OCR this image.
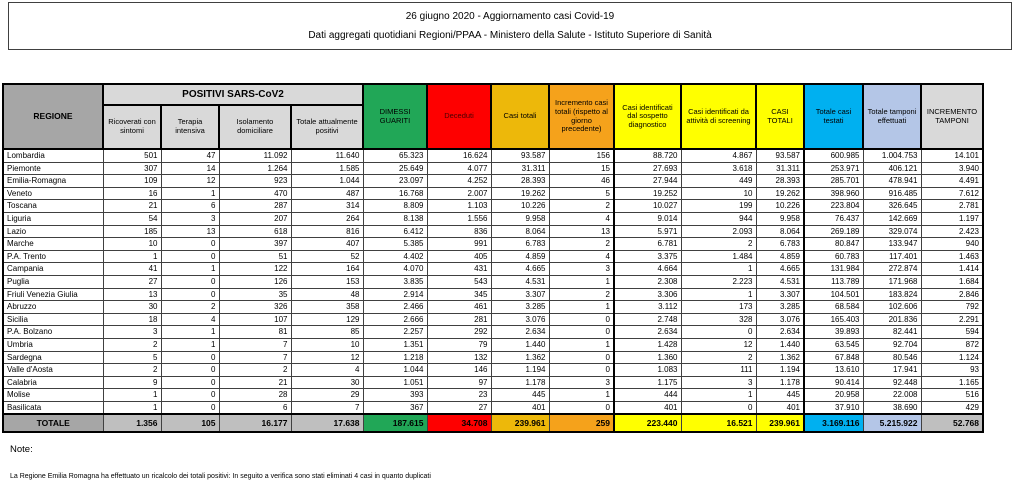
26 giugno 2020 - Aggiornamento casi Covid-19
Dati aggregati quotidiani Regioni/PPAA - Ministero della Salute - Istituto Superiore di Sanità
REGIONE	POSITIVI SARS-CoV2				DIMESSI GUARITI	Deceduti	Casi totali	Incremento casi totali (rispetto al giorno precedente)	Casi identificati dal sospetto diagnostico	Casi identificati da attività di screening	CASI TOTALI	Totale casi testati	Totale tamponi effettuati	INCREMENTO TAMPONI
	Ricoverati con sintomi	Terapia intensiva	Isolamento domiciliare	Totale attualmente positivi										
Lombardia	501	47	11.092	11.640	65.323	16.624	93.587	156	88.720	4.867	93.587	600.985	1.004.753	14.101
Piemonte	307	14	1.264	1.585	25.649	4.077	31.311	15	27.693	3.618	31.311	253.971	406.121	3.940
Emilia-Romagna	109	12	923	1.044	23.097	4.252	28.393	46	27.944	449	28.393	285.701	478.941	4.491
Veneto	16	1	470	487	16.768	2.007	19.262	5	19.252	10	19.262	398.960	916.485	7.612
Toscana	21	6	287	314	8.809	1.103	10.226	2	10.027	199	10.226	223.804	326.645	2.781
Liguria	54	3	207	264	8.138	1.556	9.958	4	9.014	944	9.958	76.437	142.669	1.197
Lazio	185	13	618	816	6.412	836	8.064	13	5.971	2.093	8.064	269.189	329.074	2.423
Marche	10	0	397	407	5.385	991	6.783	2	6.781	2	6.783	80.847	133.947	940
P.A. Trento	1	0	51	52	4.402	405	4.859	4	3.375	1.484	4.859	60.783	117.401	1.463
Campania	41	1	122	164	4.070	431	4.665	3	4.664	1	4.665	131.984	272.874	1.414
Puglia	27	0	126	153	3.835	543	4.531	1	2.308	2.223	4.531	113.789	171.968	1.684
Friuli Venezia Giulia	13	0	35	48	2.914	345	3.307	2	3.306	1	3.307	104.501	183.824	2.846
Abruzzo	30	2	326	358	2.466	461	3.285	1	3.112	173	3.285	68.584	102.606	792
Sicilia	18	4	107	129	2.666	281	3.076	0	2.748	328	3.076	165.403	201.836	2.291
P.A. Bolzano	3	1	81	85	2.257	292	2.634	0	2.634	0	2.634	39.893	82.441	594
Umbria	2	1	7	10	1.351	79	1.440	1	1.428	12	1.440	63.545	92.704	872
Sardegna	5	0	7	12	1.218	132	1.362	0	1.360	2	1.362	67.848	80.546	1.124
Valle d'Aosta	2	0	2	4	1.044	146	1.194	0	1.083	111	1.194	13.610	17.941	93
Calabria	9	0	21	30	1.051	97	1.178	3	1.175	3	1.178	90.414	92.448	1.165
Molise	1	0	28	29	393	23	445	1	444	1	445	20.958	22.008	516
Basilicata	1	0	6	7	367	27	401	0	401	0	401	37.910	38.690	429
TOTALE	1.356	105	16.177	17.638	187.615	34.708	239.961	259	223.440	16.521	239.961	3.169.116	5.215.922	52.768
Note:
La Regione Emilia Romagna ha effettuato un ricalcolo dei totali positivi: In seguito a verifica sono stati eliminati 4 casi in quanto duplicati
